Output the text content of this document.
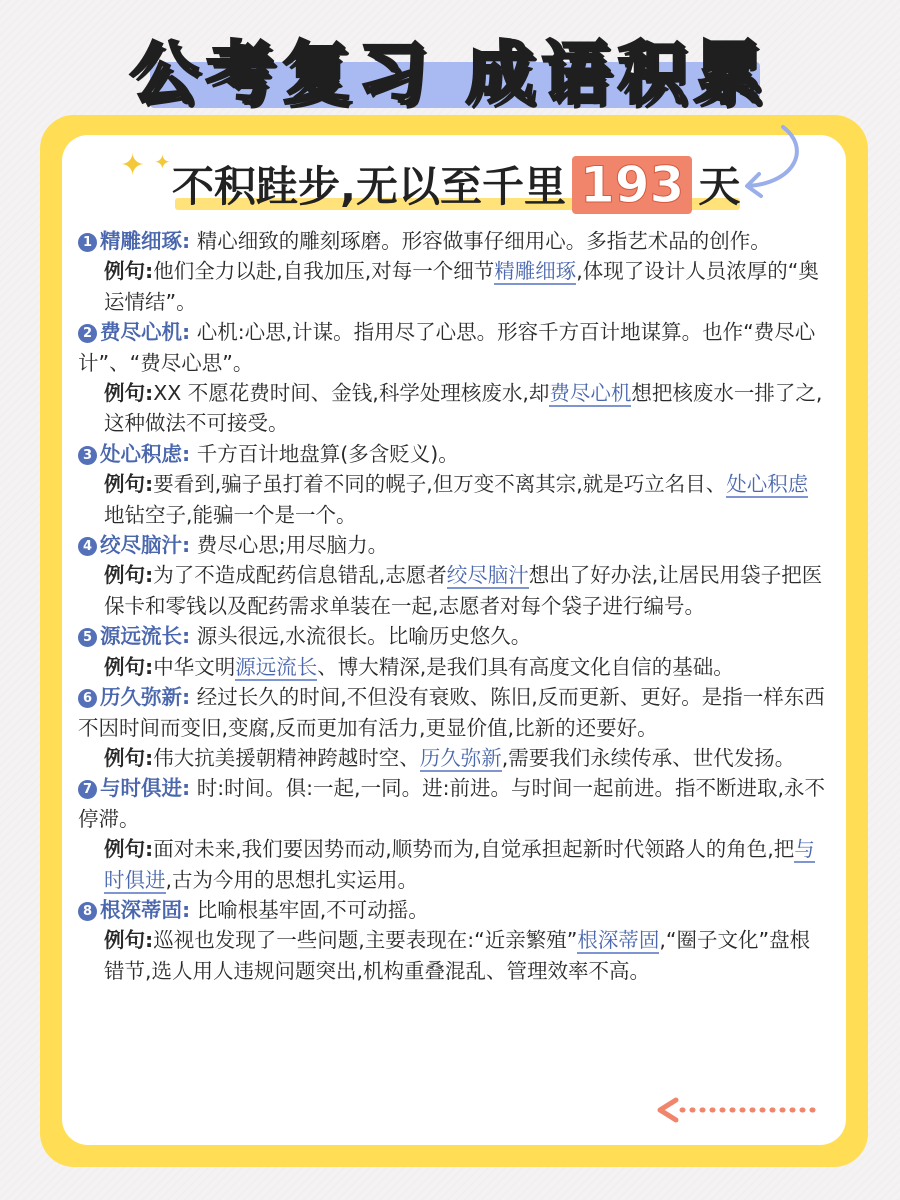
公考复习 成语积累
✦ ✦ 不积跬步,无以至千里 193 天

1 精雕细琢: 精心细致的雕刻琢磨。形容做事仔细用心。多指艺术品的创作。

例句:他们全力以赴,自我加压,对每一个细节精雕细琢,体现了设计人员浓厚的“奥运情结”。

2 费尽心机: 心机:心思,计谋。指用尽了心思。形容千方百计地谋算。也作“费尽心计”、“费尽心思”。

例句:XX 不愿花费时间、金钱,科学处理核废水,却费尽心机想把核废水一排了之,这种做法不可接受。

3 处心积虑: 千方百计地盘算(多含贬义)。

例句:要看到,骗子虽打着不同的幌子,但万变不离其宗,就是巧立名目、处心积虑地钻空子,能骗一个是一个。

4 绞尽脑汁: 费尽心思;用尽脑力。

例句:为了不造成配药信息错乱,志愿者绞尽脑汁想出了好办法,让居民用袋子把医保卡和零钱以及配药需求单装在一起,志愿者对每个袋子进行编号。

5 源远流长: 源头很远,水流很长。比喻历史悠久。

例句:中华文明源远流长、博大精深,是我们具有高度文化自信的基础。

6 历久弥新: 经过长久的时间,不但没有衰败、陈旧,反而更新、更好。是指一样东西不因时间而变旧,变腐,反而更加有活力,更显价值,比新的还要好。

例句:伟大抗美援朝精神跨越时空、历久弥新,需要我们永续传承、世代发扬。

7 与时俱进: 时:时间。俱:一起,一同。进:前进。与时间一起前进。指不断进取,永不停滞。

例句:面对未来,我们要因势而动,顺势而为,自觉承担起新时代领路人的角色,把与时俱进,古为今用的思想扎实运用。

8 根深蒂固: 比喻根基牢固,不可动摇。

例句:巡视也发现了一些问题,主要表现在:“近亲繁殖”根深蒂固,“圈子文化”盘根错节,选人用人违规问题突出,机构重叠混乱、管理效率不高。
